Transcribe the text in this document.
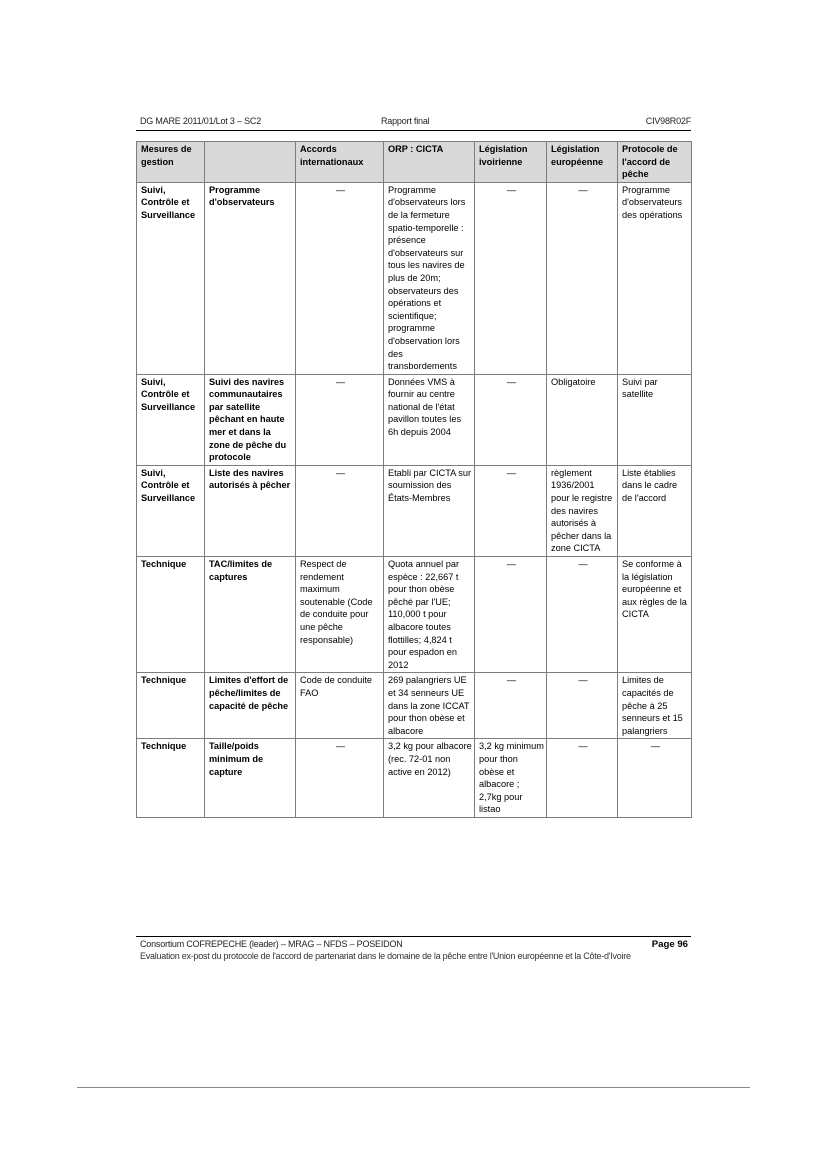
DG MARE 2011/01/Lot 3 – SC2	Rapport final	CIV98R02F
Mesures de gestion		Accords internationaux	ORP : CICTA	Législation ivoirienne	Législation européenne	Protocole de l'accord de pêche
Suivi, Contrôle et Surveillance	Programme d'observateurs	—	Programme d'observateurs lors de la fermeture spatio-temporelle : présence d'observateurs sur tous les navires de plus de 20m; observateurs des opérations et scientifique; programme d'observation lors des transbordements	—	—	Programme d'observateurs des opérations
Suivi, Contrôle et Surveillance	Suivi des navires communautaires par satellite pêchant en haute mer et dans la zone de pêche du protocole	—	Données VMS à fournir au centre national de l'état pavillon toutes les 6h depuis 2004	—	Obligatoire	Suivi par satellite
Suivi, Contrôle et Surveillance	Liste des navires autorisés à pêcher	—	Etabli par CICTA sur soumission des États-Membres	—	règlement 1936/2001 pour le registre des navires autorisés à pêcher dans la zone CICTA	Liste établies dans le cadre de l'accord
Technique	TAC/limites de captures	Respect de rendement maximum soutenable (Code de conduite pour une pêche responsable)	Quota annuel par espèce : 22,667 t pour thon obèse pêché par l'UE; 110,000 t pour albacore toutes flottilles; 4,824 t pour espadon en 2012	—	—	Se conforme à la législation européenne et aux règles de la CICTA
Technique	Limites d'effort de pêche/limites de capacité de pêche	Code de conduite FAO	269 palangriers UE et 34 senneurs UE dans la zone ICCAT pour thon obèse et albacore	—	—	Limites de capacités de pêche à 25 senneurs et 15 palangriers
Technique	Taille/poids minimum de capture	—	3,2 kg pour albacore (rec. 72-01 non active en 2012)	3,2 kg minimum pour thon obèse et albacore ; 2,7kg pour listao	—	—
Consortium COFREPECHE (leader) – MRAG – NFDS – POSEIDON	Page 96
Evaluation ex-post du protocole de l'accord de partenariat dans le domaine de la pêche entre l'Union européenne et la Côte-d'Ivoire
